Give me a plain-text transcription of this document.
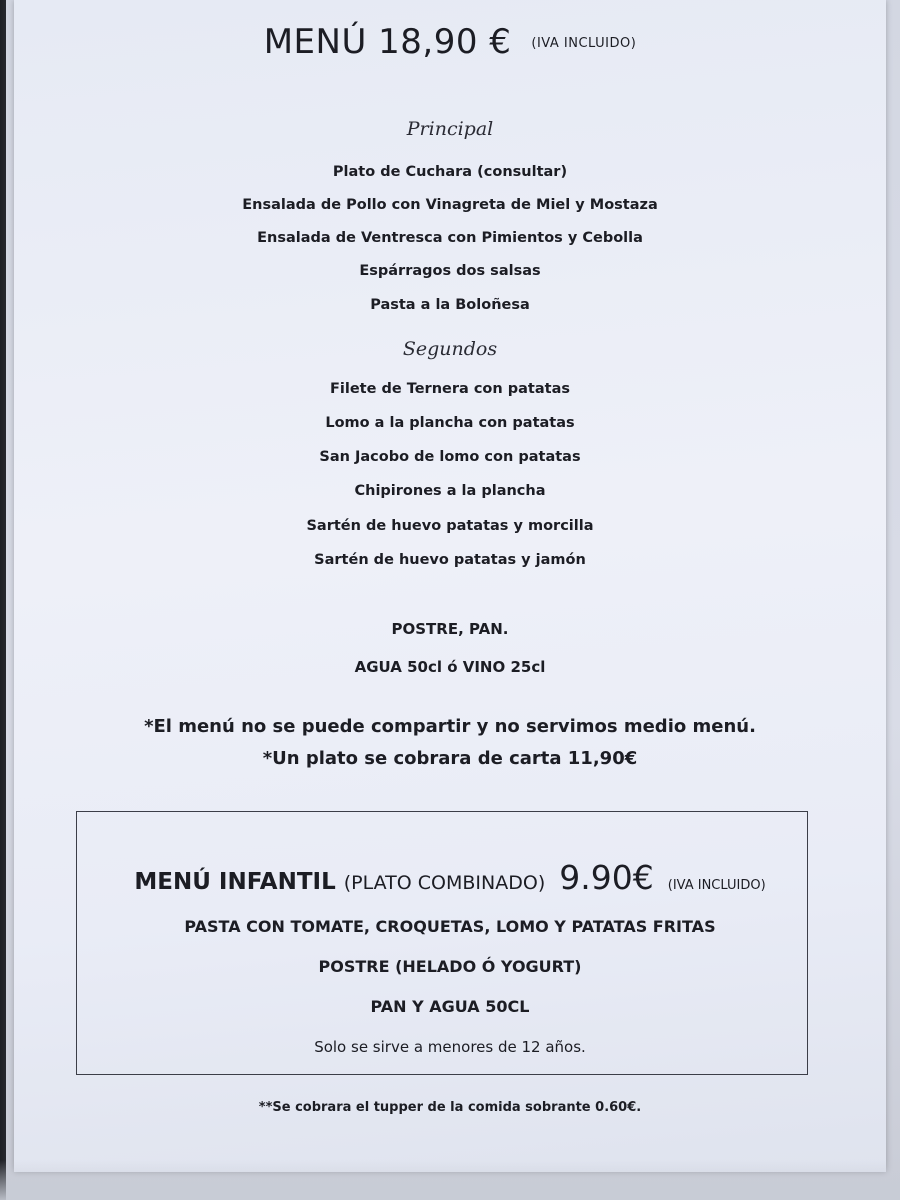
MENÚ 18,90 € (IVA INCLUIDO)
Principal
Plato de Cuchara (consultar)
Ensalada de Pollo con Vinagreta de Miel y Mostaza
Ensalada de Ventresca con Pimientos y Cebolla
Espárragos dos salsas
Pasta a la Boloñesa
Segundos
Filete de Ternera con patatas
Lomo a la plancha con patatas
San Jacobo de lomo con patatas
Chipirones a la plancha
Sartén de huevo patatas y morcilla
Sartén de huevo patatas y jamón
POSTRE, PAN.
AGUA 50cl ó VINO 25cl
*El menú no se puede compartir y no servimos medio menú.
*Un plato se cobrara de carta 11,90€
MENÚ INFANTIL (PLATO COMBINADO) 9.90€ (IVA INCLUIDO)
PASTA CON TOMATE, CROQUETAS, LOMO Y PATATAS FRITAS
POSTRE (HELADO Ó YOGURT)
PAN Y AGUA 50CL
Solo se sirve a menores de 12 años.
**Se cobrara el tupper de la comida sobrante 0.60€.
